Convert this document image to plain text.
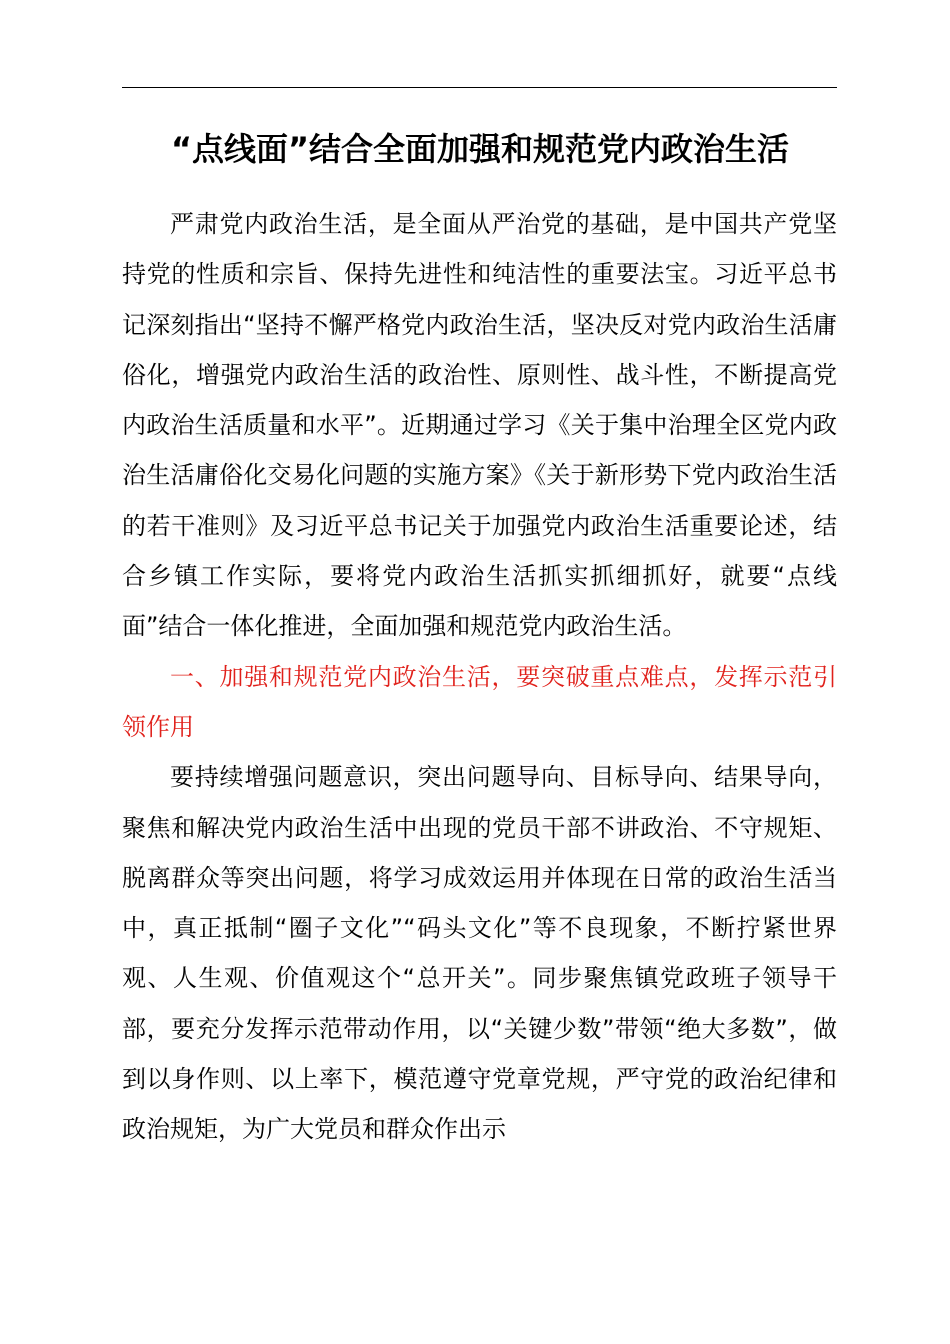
“点线面”结合全面加强和规范党内政治生活

严肃党内政治生活，是全面从严治党的基础，是中国共产党坚持党的性质和宗旨、保持先进性和纯洁性的重要法宝。习近平总书记深刻指出“坚持不懈严格党内政治生活，坚决反对党内政治生活庸俗化，增强党内政治生活的政治性、原则性、战斗性，不断提高党内政治生活质量和水平”。近期通过学习《关于集中治理全区党内政治生活庸俗化交易化问题的实施方案》《关于新形势下党内政治生活的若干准则》及习近平总书记关于加强党内政治生活重要论述，结合乡镇工作实际，要将党内政治生活抓实抓细抓好，就要“点线面”结合一体化推进，全面加强和规范党内政治生活。

一、加强和规范党内政治生活，要突破重点难点，发挥示范引领作用

要持续增强问题意识，突出问题导向、目标导向、结果导向，聚焦和解决党内政治生活中出现的党员干部不讲政治、不守规矩、脱离群众等突出问题，将学习成效运用并体现在日常的政治生活当中，真正抵制“圈子文化”“码头文化”等不良现象，不断拧紧世界观、人生观、价值观这个“总开关”。同步聚焦镇党政班子领导干部，要充分发挥示范带动作用，以“关键少数”带领“绝大多数”，做到以身作则、以上率下，模范遵守党章党规，严守党的政治纪律和政治规矩，为广大党员和群众作出示
